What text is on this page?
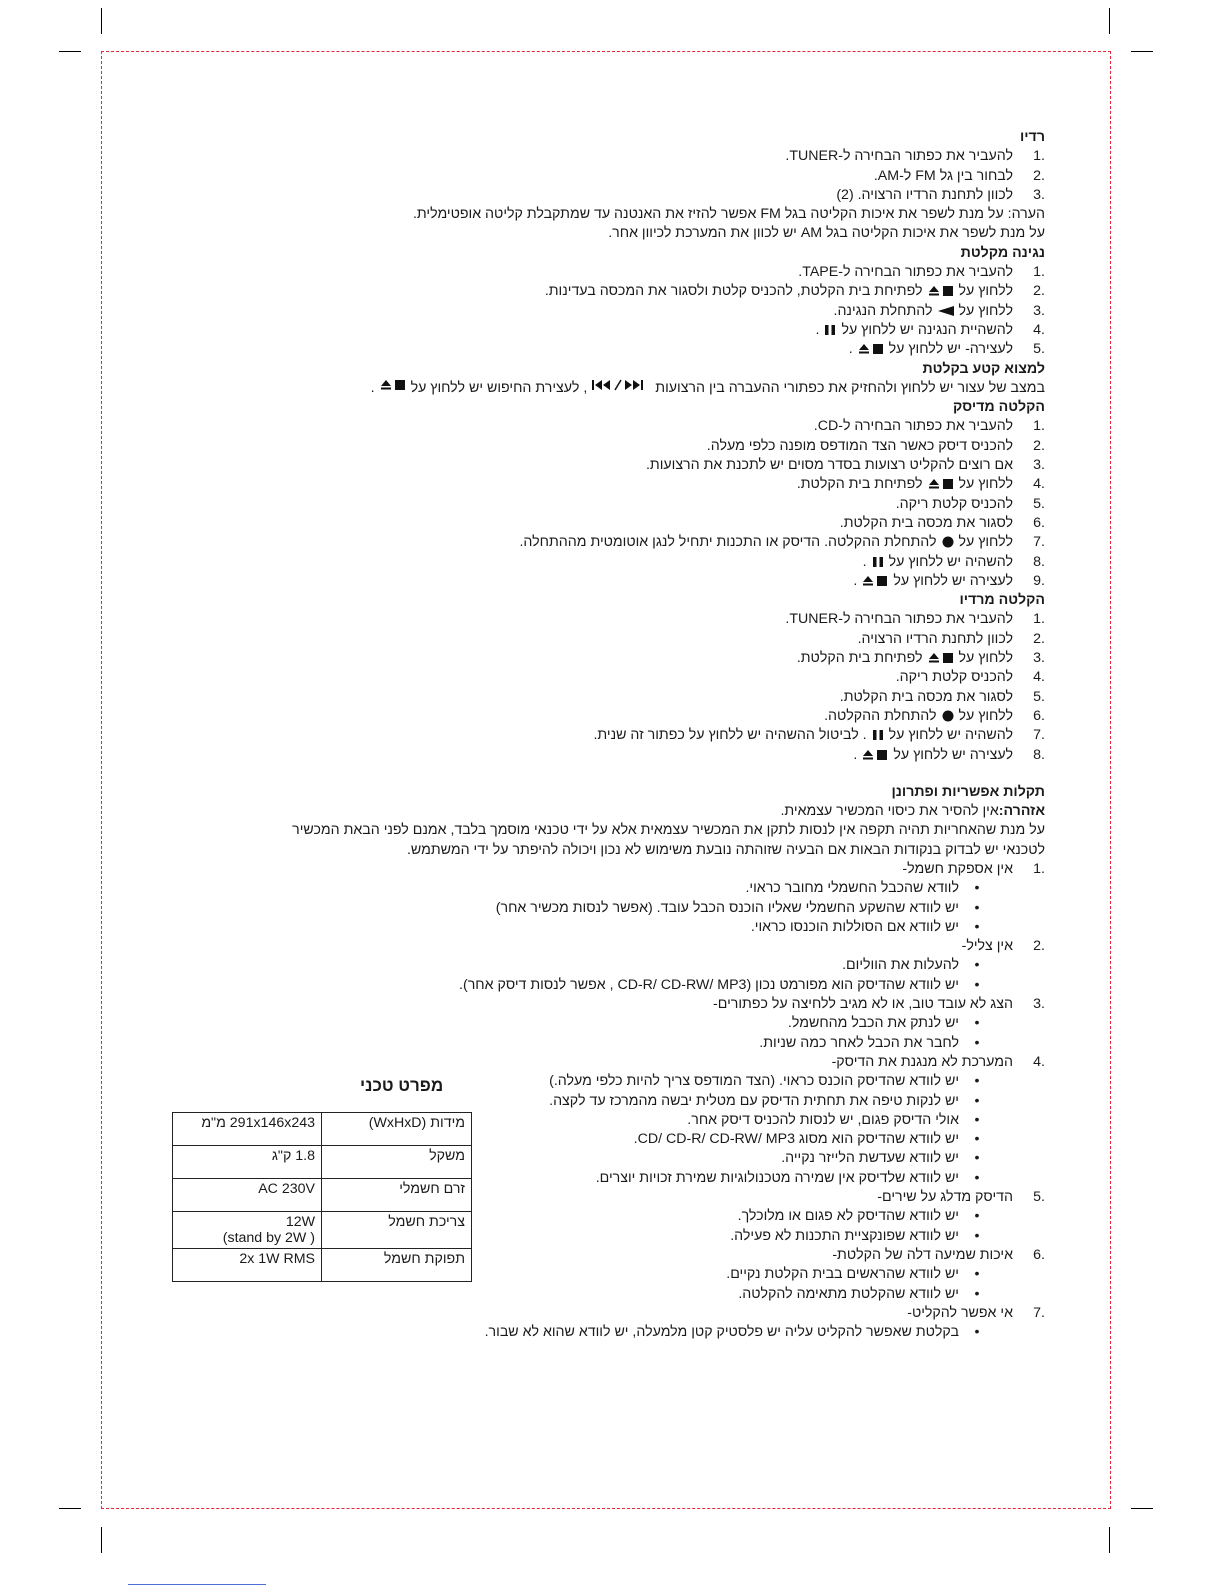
רדיו
1.
להעביר את כפתור הבחירה ל-TUNER.
2.
לבחור בין גל FM ל-AM.
3.
לכוון לתחנת הרדיו הרצויה. (2)
הערה: על מנת לשפר את איכות הקליטה בגל FM אפשר להזיז את האנטנה עד שמתקבלת קליטה אופטימלית.
על מנת לשפר את איכות הקליטה בגל AM יש לכוון את המערכת לכיוון אחר.
נגינה מקלטת
1.
להעביר את כפתור הבחירה ל-TAPE.
2.
ללחוץ עללפתיחת בית הקלטת, להכניס קלטת ולסגור את המכסה בעדינות.
3.
ללחוץ עללהתחלת הנגינה.
4.
להשהיית הנגינה יש ללחוץ על.
5.
לעצירה- יש ללחוץ על.
למצוא קטע בקלטת
במצב של עצור יש ללחוץ ולהחזיק את כפתורי ההעברה בין הרצועות
, לעצירת החיפוש יש ללחוץ על
.
הקלטה מדיסק
1.
להעביר את כפתור הבחירה ל-CD.
2.
להכניס דיסק כאשר הצד המודפס מופנה כלפי מעלה.
3.
אם רוצים להקליט רצועות בסדר מסוים יש לתכנת את הרצועות.
4.
ללחוץ עללפתיחת בית הקלטת.
5.
להכניס קלטת ריקה.
6.
לסגור את מכסה בית הקלטת.
7.
ללחוץ עללהתחלת ההקלטה. הדיסק או התכנות יתחיל לנגן אוטומטית מההתחלה.
8.
להשהיה יש ללחוץ על.
9.
לעצירה יש ללחוץ על.
הקלטה מרדיו
1.
להעביר את כפתור הבחירה ל-TUNER.
2.
לכוון לתחנת הרדיו הרצויה.
3.
ללחוץ עללפתיחת בית הקלטת.
4.
להכניס קלטת ריקה.
5.
לסגור את מכסה בית הקלטת.
6.
ללחוץ עללהתחלת ההקלטה.
7.
להשהיה יש ללחוץ על. לביטול ההשהיה יש ללחוץ על כפתור זה שנית.
8.
לעצירה יש ללחוץ על.
תקלות אפשריות ופתרונן
אזהרה:
אין להסיר את כיסוי המכשיר עצמאית.
על מנת שהאחריות תהיה תקפה אין לנסות לתקן את המכשיר עצמאית אלא על ידי טכנאי מוסמך בלבד, אמנם לפני הבאת המכשיר
לטכנאי יש לבדוק בנקודות הבאות אם הבעיה שזוהתה נובעת משימוש לא נכון ויכולה להיפתר על ידי המשתמש.
1.
אין אספקת חשמל-
•
לוודא שהכבל החשמלי מחובר כראוי.
•
יש לוודא שהשקע החשמלי שאליו הוכנס הכבל עובד. (אפשר לנסות מכשיר אחר)
•
יש לוודא אם הסוללות הוכנסו כראוי.
2.
אין צליל-
•
להעלות את הווליום.
•
יש לוודא שהדיסק הוא מפורמט נכון (CD-R/ CD-RW/ MP3 , אפשר לנסות דיסק אחר).
3.
הצג לא עובד טוב, או לא מגיב ללחיצה על כפתורים-
•
יש לנתק את הכבל מהחשמל.
•
לחבר את הכבל לאחר כמה שניות.
4.
המערכת לא מנגנת את הדיסק-
•
יש לוודא שהדיסק הוכנס כראוי. (הצד המודפס צריך להיות כלפי מעלה.)
•
יש לנקות טיפה את תחתית הדיסק עם מטלית יבשה מהמרכז עד לקצה.
•
אולי הדיסק פגום, יש לנסות להכניס דיסק אחר.
•
יש לוודא שהדיסק הוא מסוג CD/ CD-R/ CD-RW/ MP3.
•
יש לוודא שעדשת הלייזר נקייה.
•
יש לוודא שלדיסק אין שמירה מטכנולוגיות שמירת זכויות יוצרים.
5.
הדיסק מדלג על שירים-
•
יש לוודא שהדיסק לא פגום או מלוכלך.
•
יש לוודא שפונקציית התכנות לא פעילה.
6.
איכות שמיעה דלה של הקלטת-
•
יש לוודא שהראשים בבית הקלטת נקיים.
•
יש לוודא שהקלטת מתאימה להקלטה.
7.
אי אפשר להקליט-
•
בקלטת שאפשר להקליט עליה יש פלסטיק קטן מלמעלה, יש לוודא שהוא לא שבור.
מפרט טכני
291x146x243 מ"מ	מידות (WxHxD)

1.8 ק"ג	משקל

AC 230V	זרם חשמלי

12W
( stand by 2W)	צריכת חשמל

2x 1W RMS	תפוקת חשמל
